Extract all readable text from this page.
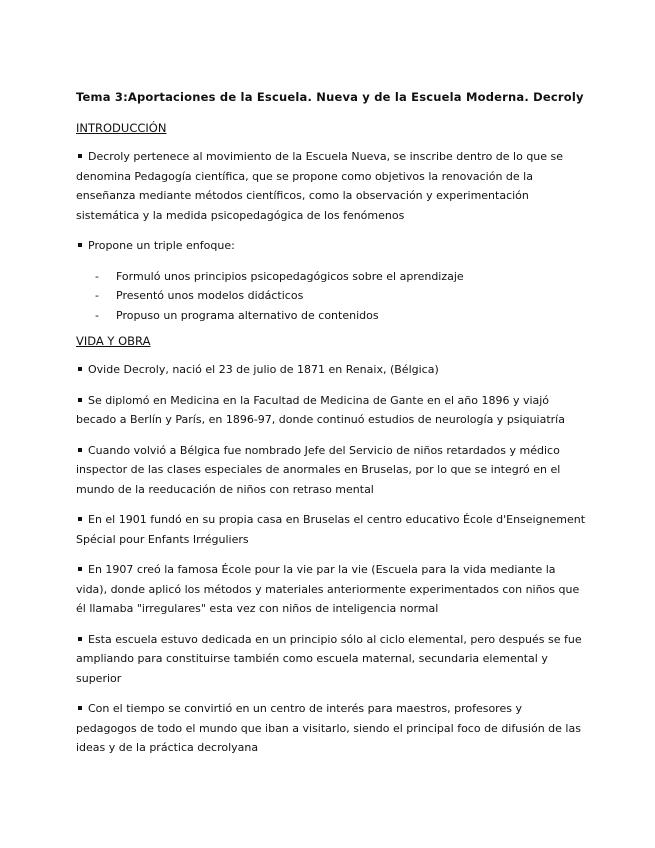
Tema 3:Aportaciones de la Escuela. Nueva y de la Escuela Moderna. Decroly
INTRODUCCIÓN

Decroly pertenece al movimiento de la Escuela Nueva, se inscribe dentro de lo que se denomina Pedagogía científica, que se propone como objetivos la renovación de la enseñanza mediante métodos científicos, como la observación y experimentación sistemática y la medida psicopedagógica de los fenómenos

Propone un triple enfoque:

- Formuló unos principios psicopedagógicos sobre el aprendizaje
- Presentó unos modelos didácticos
- Propuso un programa alternativo de contenidos
VIDA Y OBRA

Ovide Decroly, nació el 23 de julio de 1871 en Renaix, (Bélgica)

Se diplomó en Medicina en la Facultad de Medicina de Gante en el año 1896 y viajó becado a Berlín y París, en 1896-97, donde continuó estudios de neurología y psiquiatría

Cuando volvió a Bélgica fue nombrado Jefe del Servicio de niños retardados y médico inspector de las clases especiales de anormales en Bruselas, por lo que se integró en el mundo de la reeducación de niños con retraso mental

En el 1901 fundó en su propia casa en Bruselas el centro educativo École d'Enseignement Spécial pour Enfants Irréguliers

En 1907 creó la famosa École pour la vie par la vie (Escuela para la vida mediante la vida), donde aplicó los métodos y materiales anteriormente experimentados con niños que él llamaba "irregulares" esta vez con niños de inteligencia normal

Esta escuela estuvo dedicada en un principio sólo al ciclo elemental, pero después se fue ampliando para constituirse también como escuela maternal, secundaria elemental y superior

Con el tiempo se convirtió en un centro de interés para maestros, profesores y pedagogos de todo el mundo que iban a visitarlo, siendo el principal foco de difusión de las ideas y de la práctica decrolyana
